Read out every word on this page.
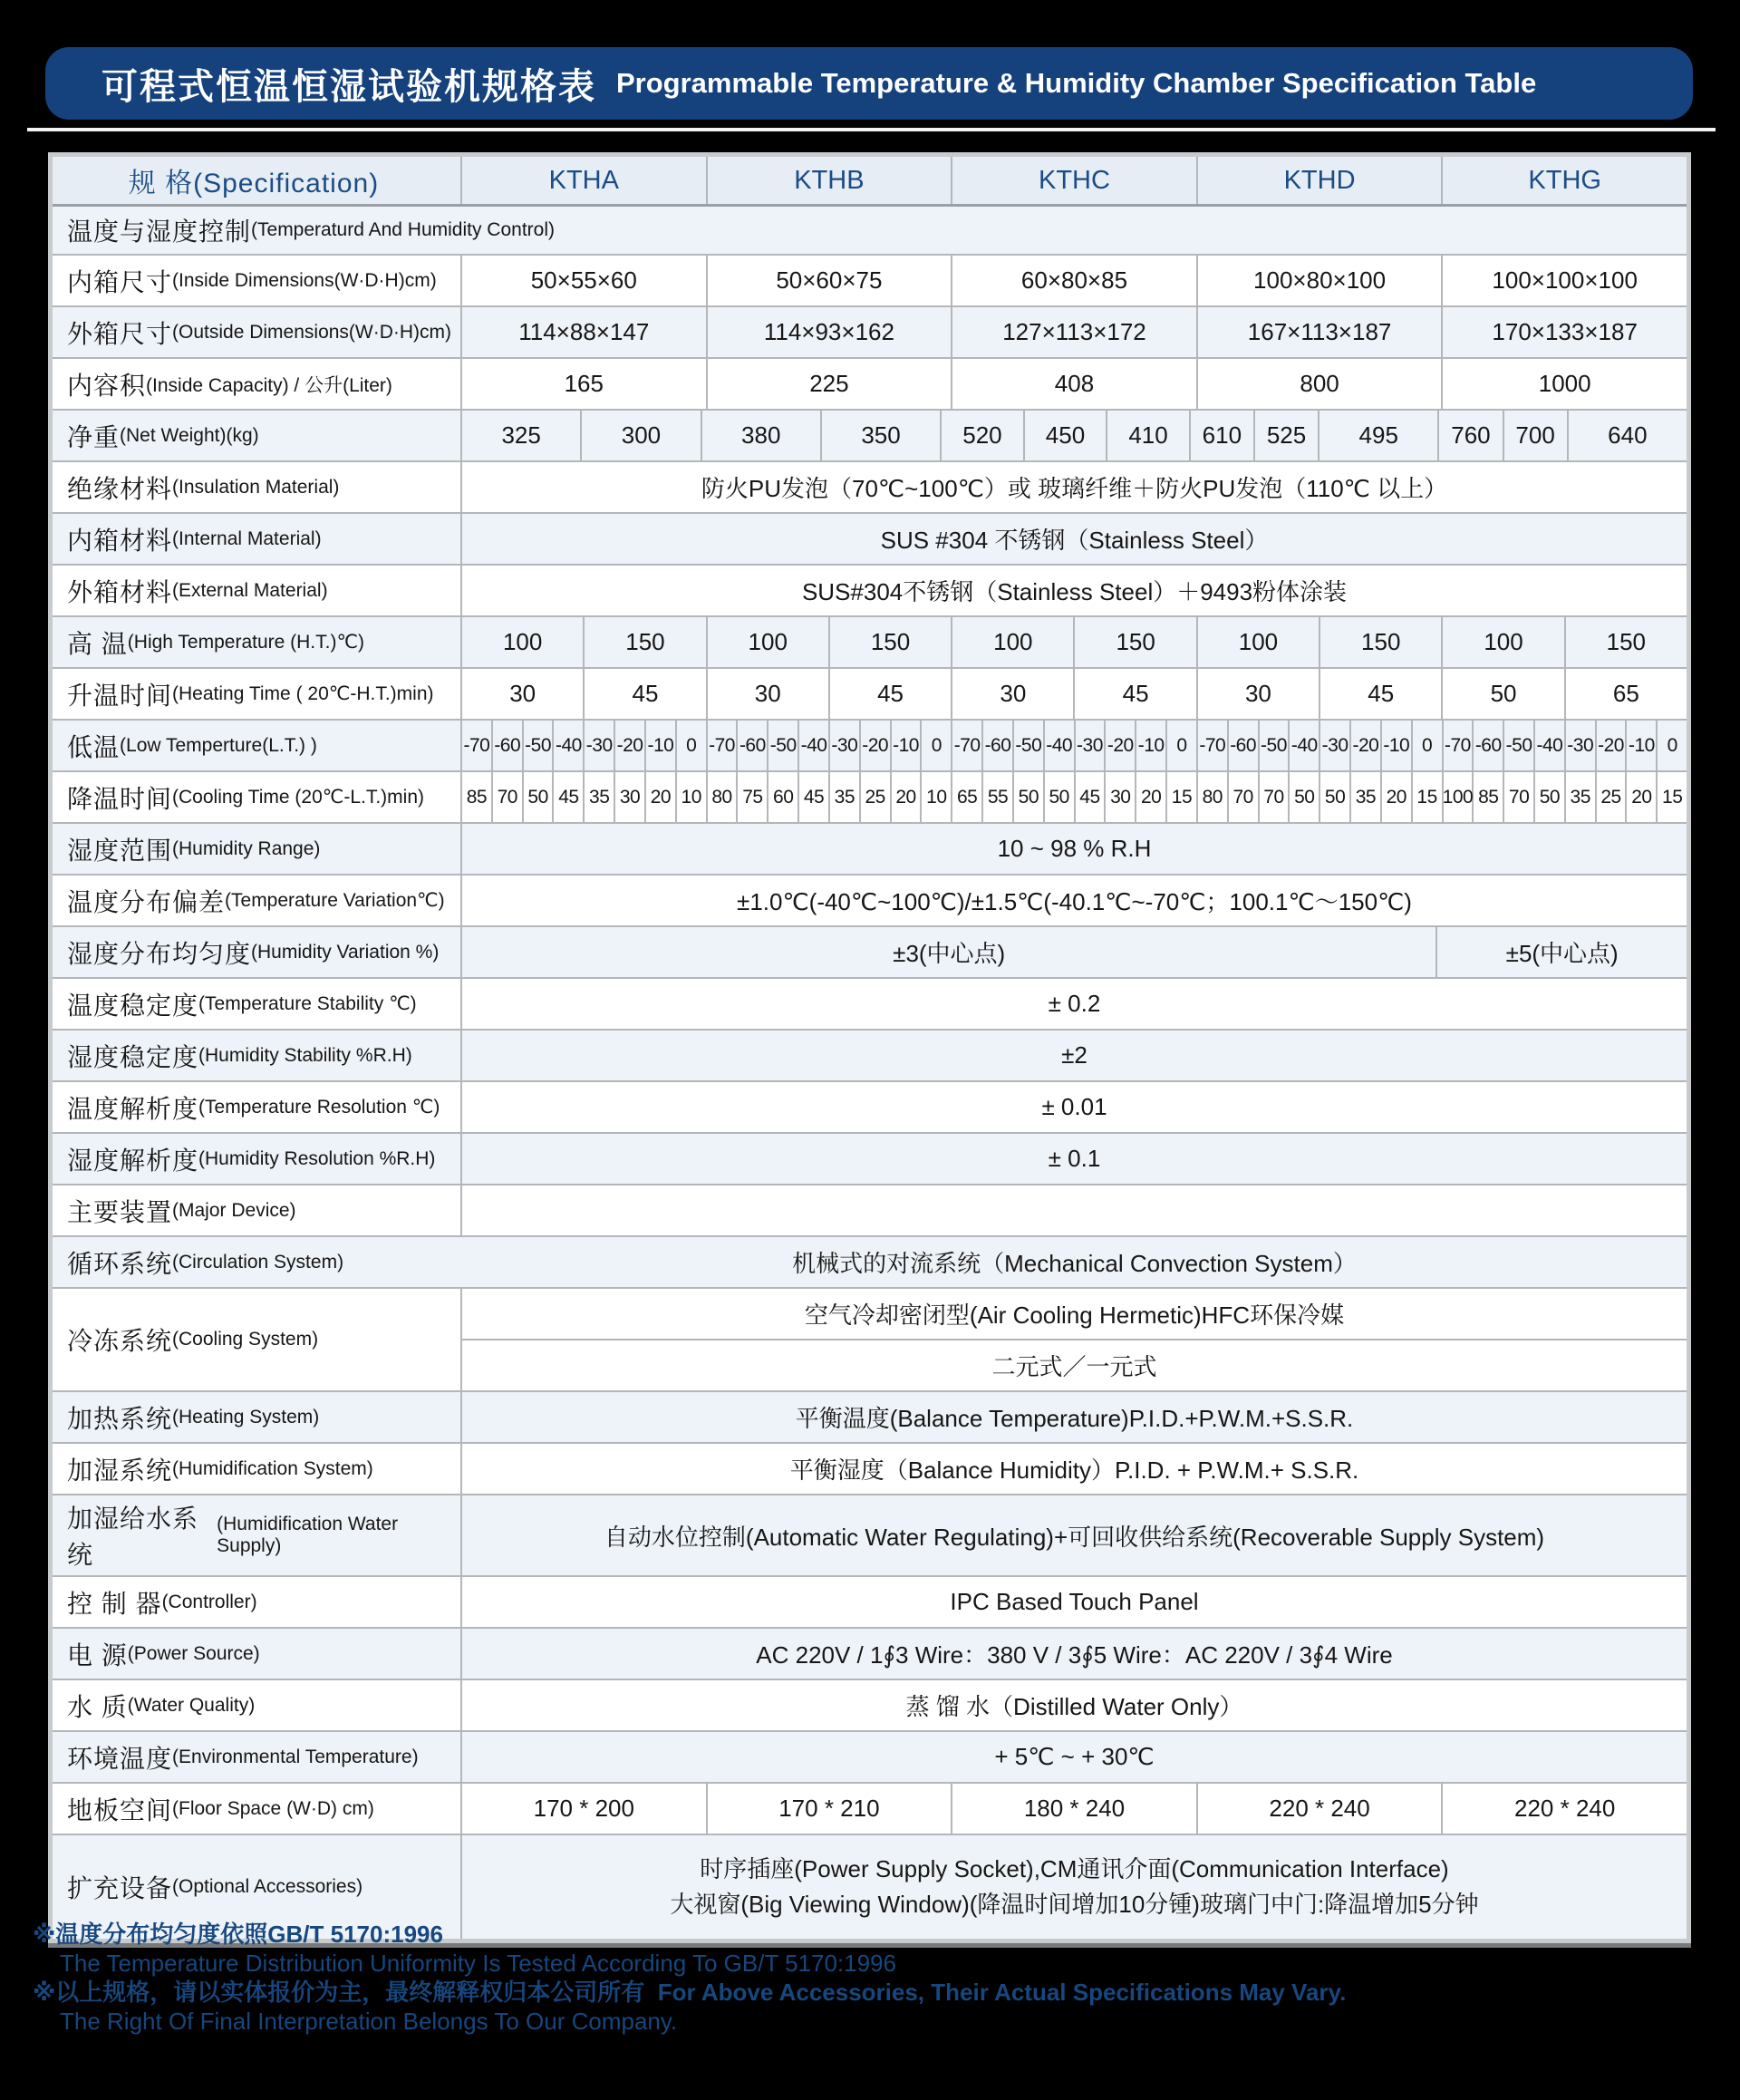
可程式恒温恒湿试验机规格表 Programmable Temperature & Humidity Chamber Specification Table
规 格(Specification)	KTHA	KTHB	KTHC	KTHD	KTHG
温度与湿度控制 (Temperaturd And Humidity Control)
内箱尺寸 (Inside Dimensions(W·D·H)cm)	50×55×60	50×60×75	60×80×85	100×80×100	100×100×100
外箱尺寸 (Outside Dimensions(W·D·H)cm)	114×88×147	114×93×162	127×113×172	167×113×187	170×133×187
内容积 (Inside Capacity) / 公升(Liter)	165	225	408	800	1000
净重 (Net Weight)(kg)	325	300	380	350	520	450	410	610	525	495	760	700	640
绝缘材料 (Insulation Material)	防火PU发泡（70℃~100℃）或 玻璃纤维＋防火PU发泡（110℃ 以上）
内箱材料 (Internal Material)	SUS #304 不锈钢（Stainless Steel）
外箱材料 (External Material)	SUS#304不锈钢（Stainless Steel）＋9493粉体涂装
高 温 (High Temperature (H.T.)℃)	100	150	100	150	100	150	100	150	100	150
升温时间 (Heating Time ( 20℃-H.T.)min)	30	45	30	45	30	45	30	45	50	65
低温 (Low Temperture(L.T.) )	-70 -60 -50 -40 -30 -20 -10 0 -70 -60 -50 -40 -30 -20 -10 0 -70 -60 -50 -40 -30 -20 -10 0 -70 -60 -50 -40 -30 -20 -10 0 -70 -60 -50 -40 -30 -20 -10 0
降温时间 (Cooling Time (20℃-L.T.)min) 85 70 50 45 35 30 20 10 80 75 60 45 35 25 20 10 65 55 50 50 45 30 20 15 80 70 70 50 50 35 20 15 100 85 70 50 35 25 20 15
湿度范围 (Humidity Range)	10 ~ 98 % R.H
温度分布偏差 (Temperature Variation℃)	±1.0℃(-40℃~100℃)/±1.5℃(-40.1℃~-70℃；100.1℃～150℃)
湿度分布均匀度 (Humidity Variation %)	±3(中心点)	±5(中心点)
温度稳定度 (Temperature Stability ℃)	± 0.2
湿度稳定度 (Humidity Stability %R.H)	±2
温度解析度 (Temperature Resolution ℃)	± 0.01
湿度解析度 (Humidity Resolution %R.H)	± 0.1
主要装置 (Major Device)
循环系统 (Circulation System)	机械式的对流系统（Mechanical Convection System）
冷冻系统 (Cooling System)
空气冷却密闭型(Air Cooling Hermetic)HFC环保冷媒
二元式／一元式
加热系统 (Heating System)	平衡温度(Balance Temperature)P.I.D.+P.W.M.+S.S.R.
加湿系统 (Humidification System)	平衡湿度（Balance Humidity）P.I.D. + P.W.M.+ S.S.R.
加湿给水系统
(Humidification Water Supply)	自动水位控制(Automatic Water Regulating)+可回收供给系统(Recoverable Supply System)
控 制 器 (Controller)	IPC Based Touch Panel
电 源 (Power Source)	AC 220V / 1∮3 Wire：380 V / 3∮5 Wire：AC 220V / 3∮4 Wire
水 质 (Water Quality)	蒸 馏 水（Distilled Water Only）
环境温度 (Environmental Temperature)	+ 5℃ ~ + 30℃
地板空间 (Floor Space (W·D) cm)	170 * 200	170 * 210	180 * 240	220 * 240	220 * 240
扩充设备 (Optional Accessories)
时序插座(Power Supply Socket),CM通讯介面(Communication Interface)
大视窗(Big Viewing Window)(降温时间增加10分锺)玻璃门中门:降温增加5分钟
※温度分布均匀度依照GB/T 5170:1996
The Temperature Distribution Uniformity Is Tested According To GB/T 5170:1996
※以上规格，请以实体报价为主，最终解释权归本公司所有  For Above Accessories, Their Actual Specifications May Vary.
The Right Of Final Interpretation Belongs To Our Company.
